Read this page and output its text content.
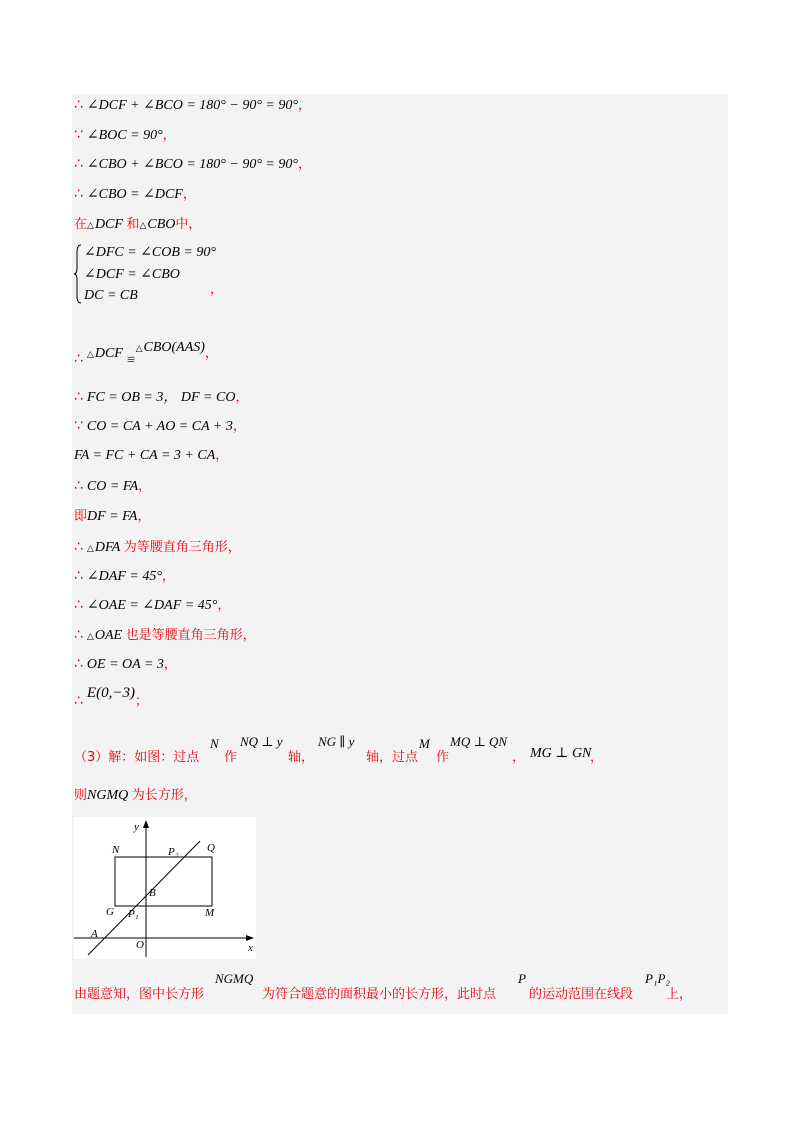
∴ ∠DCF + ∠BCO = 180° − 90° = 90°，
∵ ∠BOC = 90°，
∴ ∠CBO + ∠BCO = 180° − 90° = 90°，
∴ ∠CBO = ∠DCF，
在△DCF 和△CBO中，
∠DFC = ∠COB = 90°
∠DCF = ∠CBO
DC = CB	，
∴ $_\triangle$DCF $_≌$△CBO(AAS)，
∴ FC = OB = 3， DF = CO，
∵ CO = CA + AO = CA + 3，
FA = FC + CA = 3 + CA，
∴ CO = FA，
即DF = FA，
∴ △DFA 为等腰直角三角形，
∴ ∠DAF = 45°，
∴ ∠OAE = ∠DAF = 45°，
∴ △OAE 也是等腰直角三角形，
∴ OE = OA = 3，
∴ E(0,−3)；
（3）解：如图：过点
N
作
NQ ⊥ y
轴，
NG ∥ y
轴，过点
M
作
MQ ⊥ QN
， MG ⊥ GN
，
则NGMQ 为长方形，
y
x
N	P₂	Q
B
G P₁	M
A
O
由题意知，图中长方形
NGMQ
为符合题意的面积最小的长方形，此时点
P
的运动范围在线段
P₁P₂
上，
